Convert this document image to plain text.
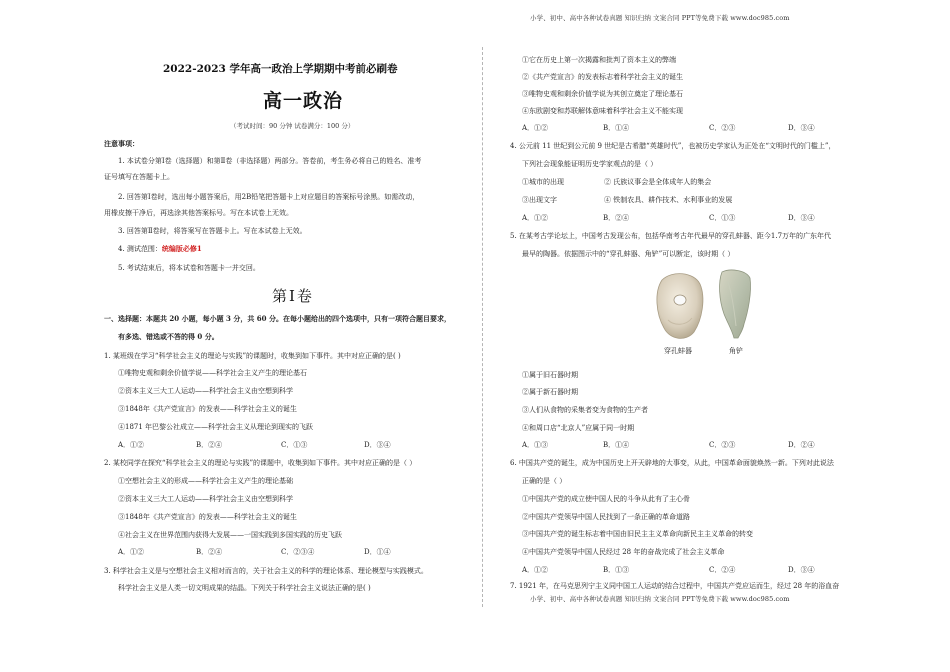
小学、初中、高中各种试卷真题 知识归纳 文案合同 PPT等免费下载 www.doc985.com
小学、初中、高中各种试卷真题 知识归纳 文案合同 PPT等免费下载 www.doc985.com
2022-2023 学年高一政治上学期期中考前必刷卷
高一政治
（考试时间：90 分钟 试卷满分：100 分）
注意事项：
1. 本试卷分第Ⅰ卷（选择题）和第Ⅱ卷（非选择题）两部分。答卷前，考生务必将自己的姓名、准考
证号填写在答题卡上。
2. 回答第Ⅰ卷时，选出每小题答案后，用2B铅笔把答题卡上对应题目的答案标号涂黑。如需改动，
用橡皮擦干净后，再选涂其他答案标号。写在本试卷上无效。
3. 回答第Ⅱ卷时，将答案写在答题卡上。写在本试卷上无效。
4. 测试范围：统编版必修1
5. 考试结束后，将本试卷和答题卡一并交回。
第Ⅰ卷
一、选择题：本题共 20 小题，每小题 3 分，共 60 分。在每小题给出的四个选项中，只有一项符合题目要求，
有多选、错选或不答的得 0 分。
1. 某班级在学习“科学社会主义的理论与实践”的课题时，收集到如下事件。其中对应正确的是( )
①唯物史观和剩余价值学说——科学社会主义产生的理论基石
②资本主义三大工人运动——科学社会主义由空想到科学
③1848年《共产党宣言》的发表——科学社会主义的诞生
④1871 年巴黎公社成立——科学社会主义从理论到现实的飞跃
A．①②	B．②④	C．①③	D．③④
2. 某校同学在探究“科学社会主义的理论与实践”的课题中，收集到如下事件。其中对应正确的是（ ）
①空想社会主义的形成——科学社会主义产生的理论基础
②资本主义三大工人运动——科学社会主义由空想到科学
③1848年《共产党宣言》的发表——科学社会主义的诞生
④社会主义在世界范围内获得大发展——一国实践到多国实践的历史飞跃
A．①②	B．②④	C．②③④	D．①④
3. 科学社会主义是与空想社会主义相对而言的，关于社会主义的科学的理论体系、理论模型与实践模式。
科学社会主义是人类一切文明成果的结晶。下列关于科学社会主义说法正确的是( )
①它在历史上第一次揭露和批判了资本主义的弊端
②《共产党宣言》的发表标志着科学社会主义的诞生
③唯物史观和剩余价值学说为其创立奠定了理论基石
④东欧剧变和苏联解体意味着科学社会主义不能实现
A．①②	B．①④	C．②③	D．③④
4. 公元前 11 世纪到公元前 9 世纪是古希腊“英雄时代”，也被历史学家认为正处在“文明时代的门槛上”，
下列社会现象能证明历史学家观点的是（ ）
①城市的出现	② 氏族议事会是全体成年人的集会
③出现文字	④ 铁制农具、耕作技术、水利事业的发展
A．①②	B．②④	C．①③	D．③④
5. 在某考古学论坛上，中国考古发现公布，包括华南考古年代最早的穿孔蚌器、距今1.7万年的广东年代
最早的陶器。依据图示中的“穿孔蚌器、角铲”可以断定，该时期（ ）
穿孔蚌器	角铲
①属于旧石器时期
②属于新石器时期
③人们从食物的采集者变为食物的生产者
④和周口店“北京人”应属于同一时期
A．①③	B．①④	C．②③	D．②④
6. 中国共产党的诞生，成为中国历史上开天辟地的大事变，从此，中国革命面貌焕然一新。下列对此说法
正确的是（ ）
①中国共产党的成立使中国人民的斗争从此有了主心骨
②中国共产党领导中国人民找到了一条正确的革命道路
③中国共产党的诞生标志着中国由旧民主主义革命向新民主主义革命的转变
④中国共产党领导中国人民经过 28 年的奋战完成了社会主义革命
A．①②	B．①③	C．②④	D．③④
7. 1921 年，在马克思列宁主义同中国工人运动的结合过程中，中国共产党应运而生，经过 28 年的浴血奋
